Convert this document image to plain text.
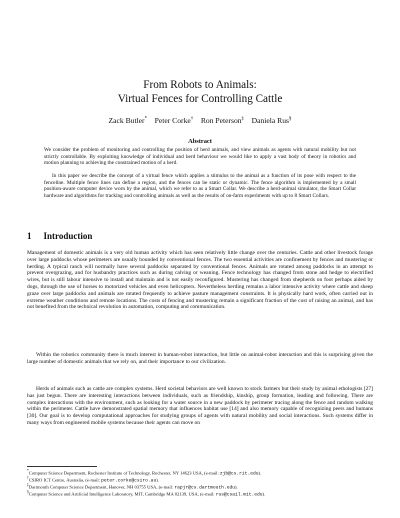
From Robots to Animals:
Virtual Fences for Controlling Cattle
Zack Butler* Peter Corke† Ron Peterson‡ Daniela Rus§
Abstract

We consider the problem of monitoring and controlling the position of herd animals, and view animals as agents with natural mobility but not strictly controllable. By exploiting knowledge of individual and herd behaviour we would like to apply a vast body of theory in robotics and motion planning to achieving the constrained motion of a herd.

In this paper we describe the concept of a virtual fence which applies a stimulus to the animal as a function of its pose with respect to the fenceline. Multiple fence lines can define a region, and the fences can be static or dynamic. The fence algorithm is implemented by a small position-aware computer device worn by the animal, which we refer to as a Smart Collar. We describe a herd-animal simulator, the Smart Collar hardware and algorithms for tracking and controlling animals as well as the results of on-farm experiments with up to 8 Smart Collars.

1 Introduction

Management of domestic animals is a very old human activity which has seen relatively little change over the centuries. Cattle and other livestock forage over large paddocks whose perimeters are usually bounded by conventional fences. The two essential activities are confinement by fences and mustering or herding. A typical ranch will normally have several paddocks separated by conventional fences. Animals are rotated among paddocks in an attempt to prevent overgrazing, and for husbandry practices such as during calving or weaning. Fence technology has changed from stone and hedge to electrified wires, but is still labour intensive to install and maintain and is not easily reconfigured. Mustering has changed from shepherds on foot perhaps aided by dogs, through the use of horses to motorized vehicles and even helicopters. Nevertheless herding remains a labor intensive activity where cattle and sheep graze over large paddocks and animals are rotated frequently to achieve pasture management constraints. It is physically hard work, often carried out in extreme weather conditions and remote locations. The costs of fencing and mustering remain a significant fraction of the cost of raising an animal, and has not benefited from the technical revolution in automation, computing and communication.

Within the robotics community there is much interest in human-robot interaction, but little on animal-robot interaction and this is surprising given the large number of domestic animals that we rely on, and their importance to our civilization.

Herds of animals such as cattle are complex systems. Herd societal behaviors are well known to stock farmers but their study by animal ethologists [27] has just begun. There are interesting interactions between individuals, such as friendship, kinship, group formation, leading and following. There are complex interactions with the environment, such as looking for a water source in a new paddock by perimeter tracing along the fence and random walking within the perimeter. Cattle have demonstrated spatial memory that influences habitat use [14] and also memory capable of recognizing peers and humans [30]. Our goal is to develop computational approaches for studying groups of agents with natural mobility and social interactions. Such systems differ in many ways from engineered mobile systems because their agents can move on

*Computer Science Department, Rochester Institute of Technology, Rochester, NY 14623 USA, (e-mail: zjb@cs.rit.edu).
†CSIRO ICT Centre, Australia, (e-mail: peter.corke@csiro.au).
‡Dartmouth Computer Science Department, Hanover, NH 03755 USA, (e-mail: rapjr@cs.dartmouth.edu).
§Computer Science and Artificial Intelligence Laboratory, MIT, Cambridge MA 02139, USA, (e-mail: rus@csail.mit.edu).
